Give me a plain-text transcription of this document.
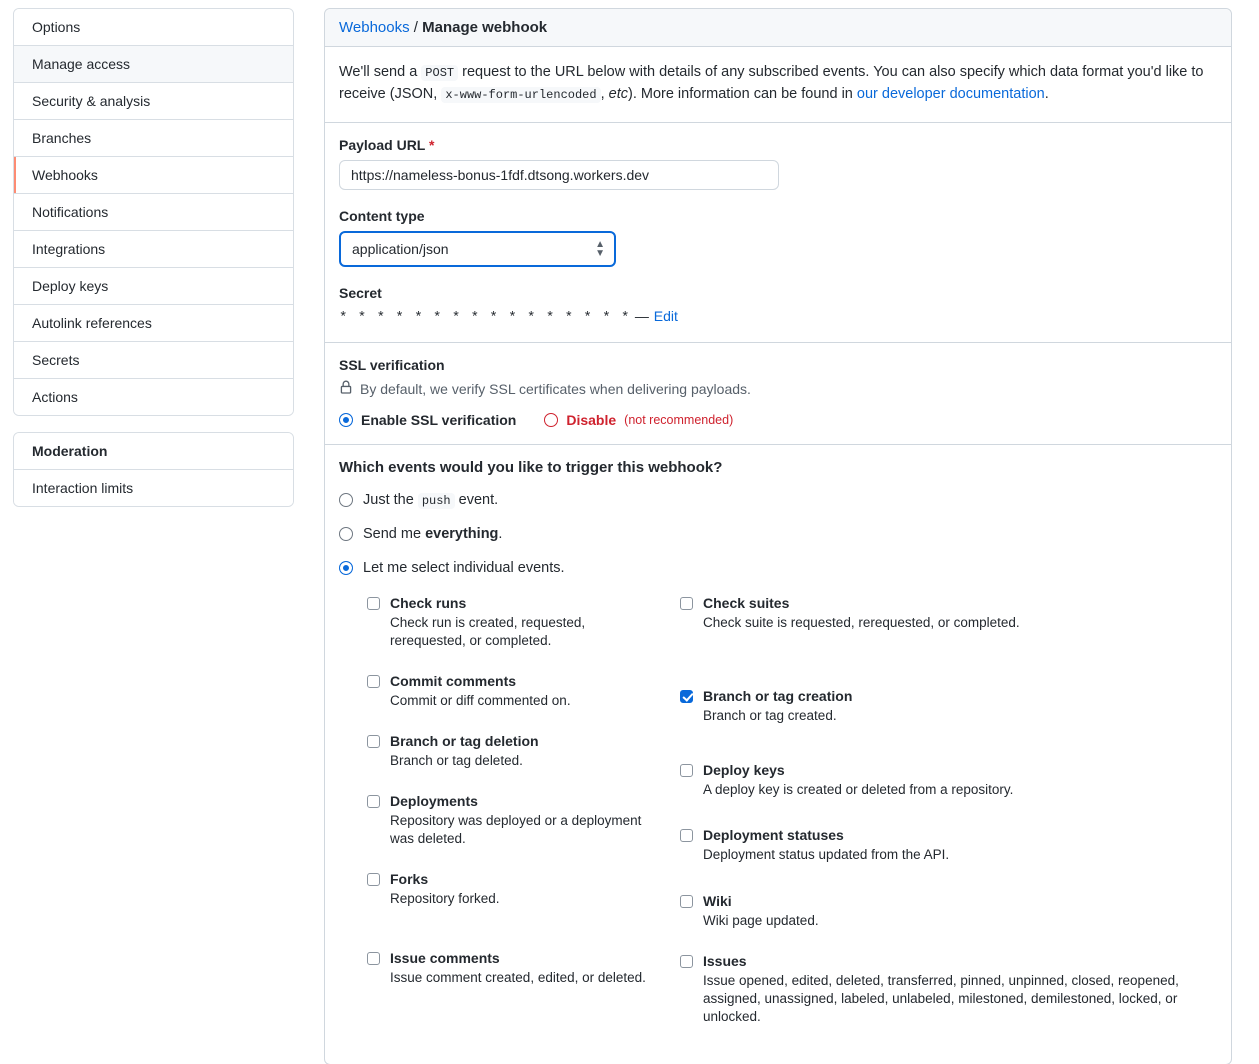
Options
Manage access
Security & analysis
Branches
Webhooks
Notifications
Integrations
Deploy keys
Autolink references
Secrets
Actions
Moderation
Interaction limits
Webhooks / Manage webhook

We'll send a POST request to the URL below with details of any subscribed events. You can also specify which data format you'd like to receive (JSON, x-www-form-urlencoded , etc). More information can be found in our developer documentation.

Payload URL *
https://nameless-bonus-1fdf.dtsong.workers.dev
Content type
application/json	▲
▼
Secret
* * * * * * * * * * * * * * * * — Edit
SSL verification
By default, we verify SSL certificates when delivering payloads.
Enable SSL verification	Disable (not recommended)
Which events would you like to trigger this webhook?
Just the push event.
Send me everything.
Let me select individual events.
Check runs
Check run is created, requested, rerequested, or completed.
Commit comments
Commit or diff commented on.
Branch or tag deletion
Branch or tag deleted.
Deployments
Repository was deployed or a deployment was deleted.
Forks
Repository forked.
Issue comments
Issue comment created, edited, or deleted.
Check suites
Check suite is requested, rerequested, or completed.
Branch or tag creation
Branch or tag created.
Deploy keys
A deploy key is created or deleted from a repository.
Deployment statuses
Deployment status updated from the API.
Wiki
Wiki page updated.
Issues
Issue opened, edited, deleted, transferred, pinned, unpinned, closed, reopened, assigned, unassigned, labeled, unlabeled, milestoned, demilestoned, locked, or unlocked.
